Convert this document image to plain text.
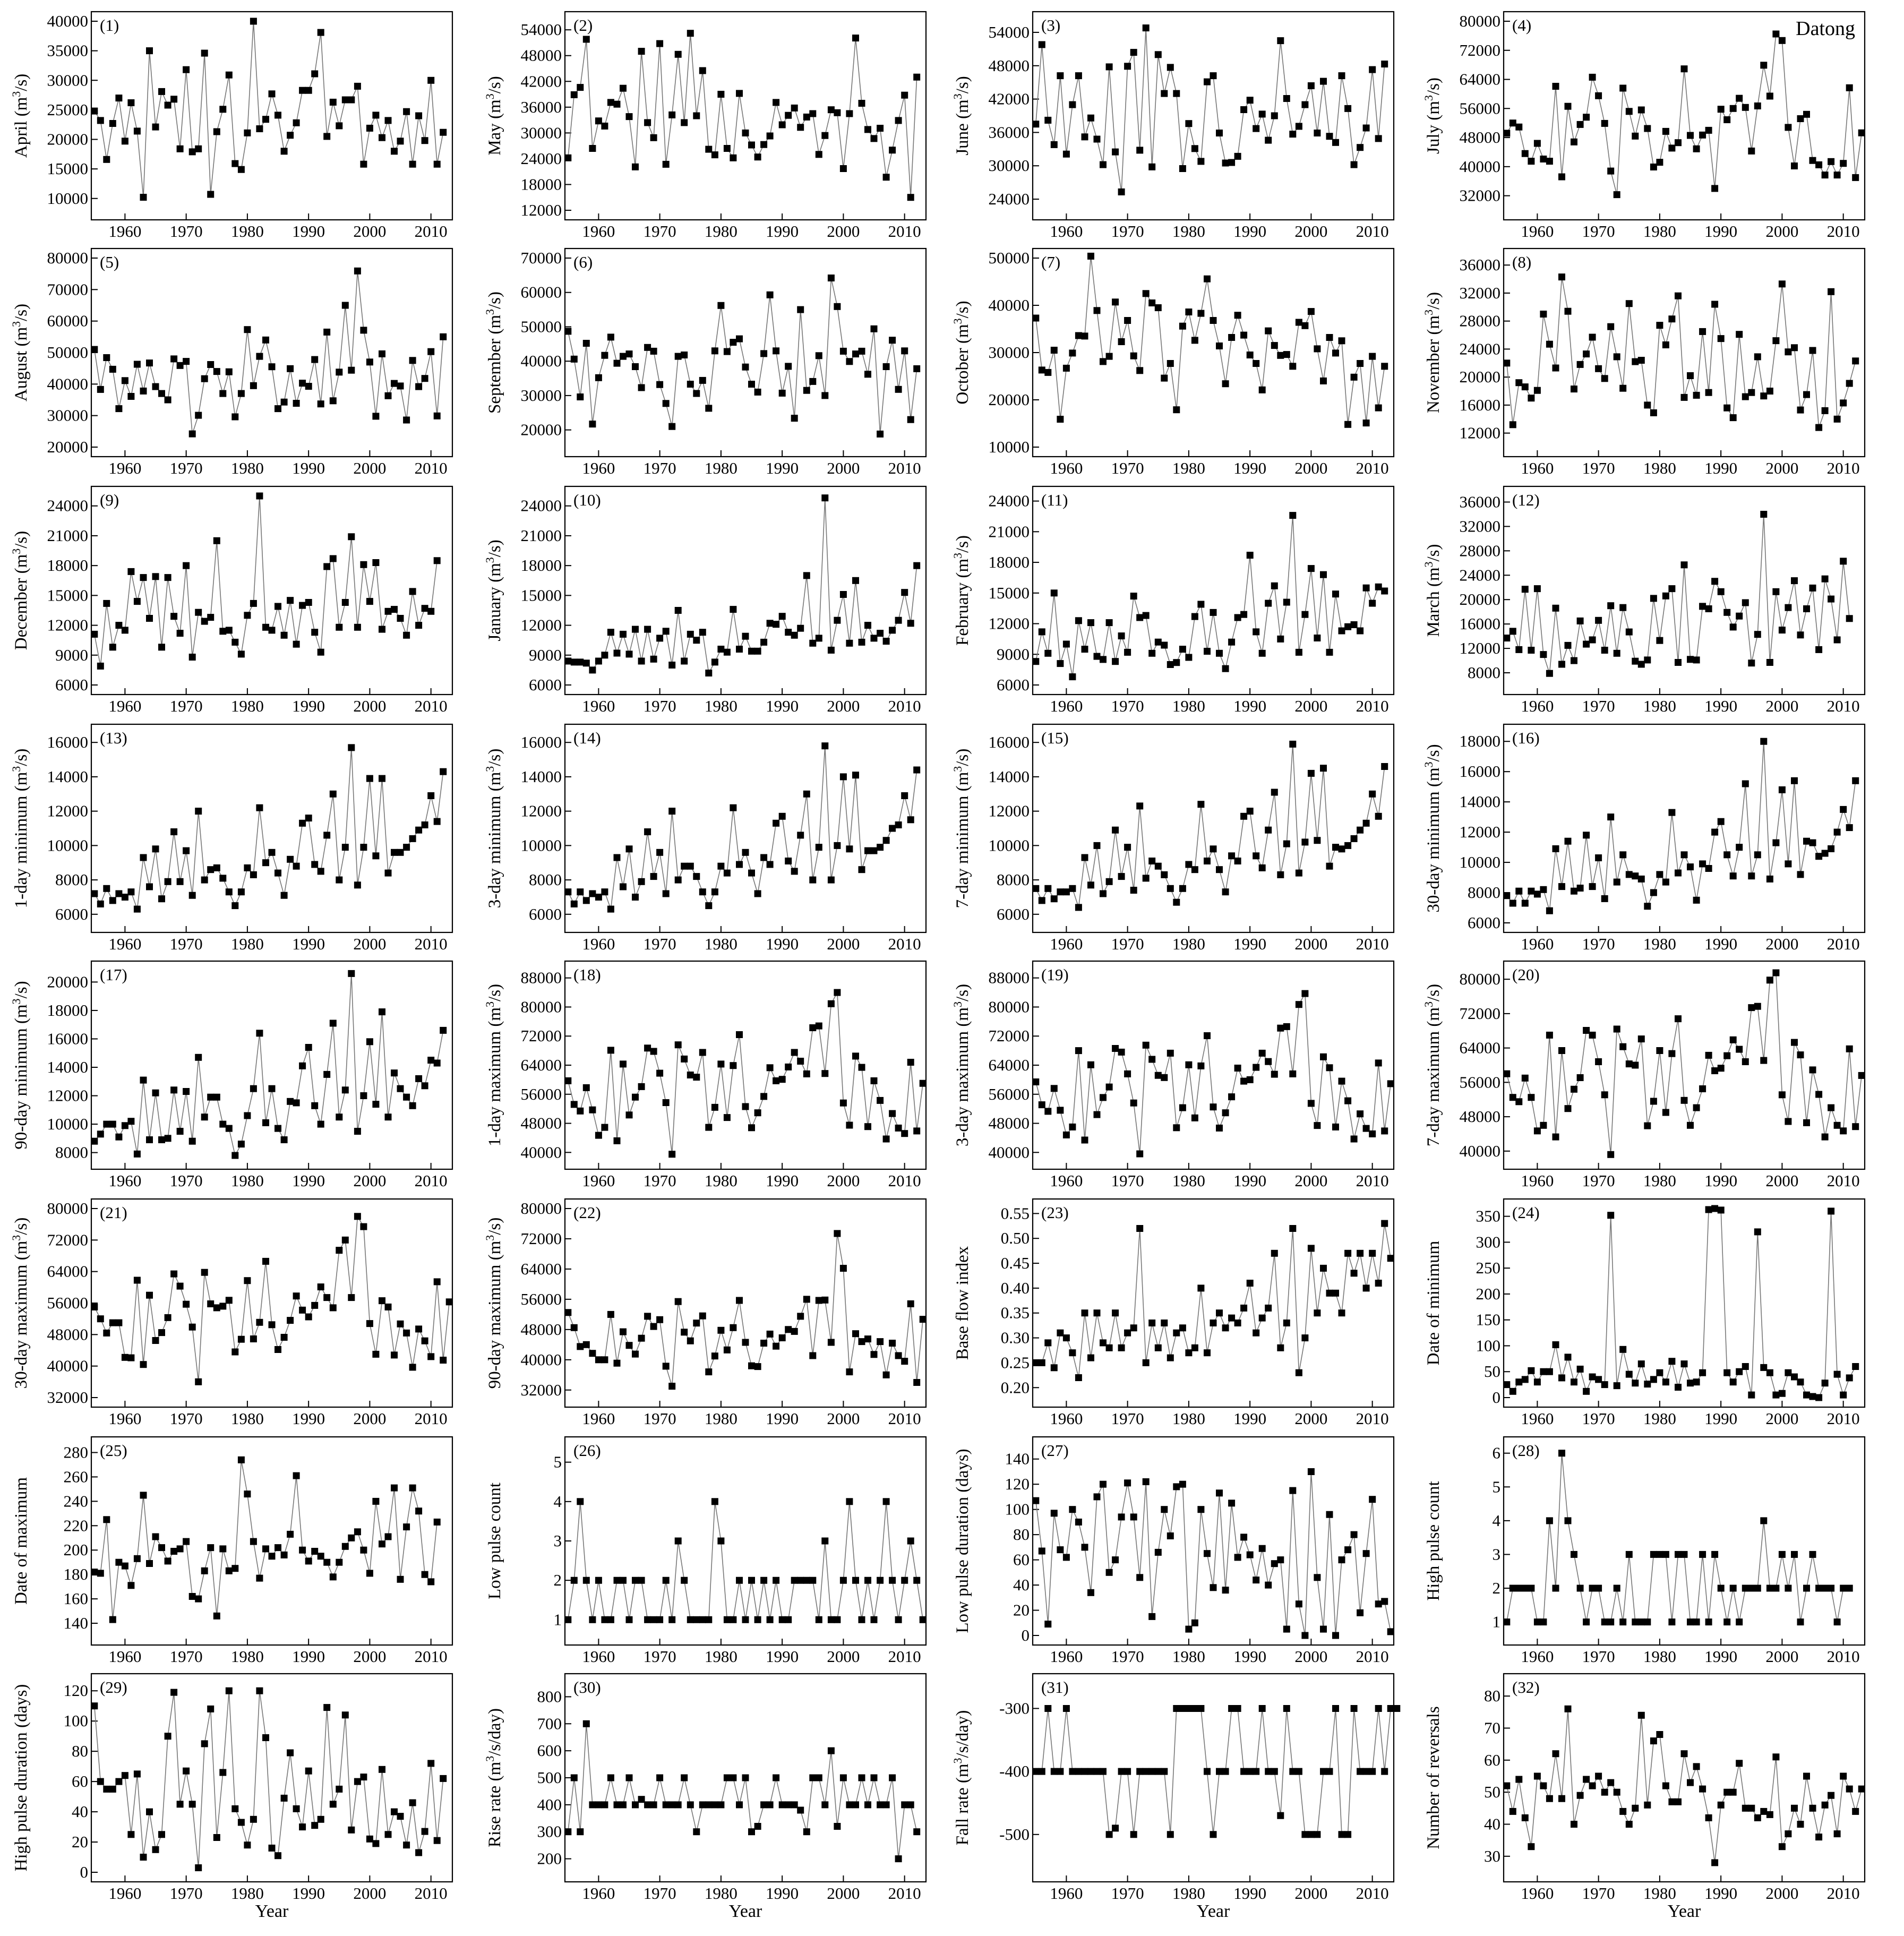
10000
15000
20000
25000
30000
35000
40000
1960 1970 1980 1990 2000 2010
(1)
April $(m^3/s)$
12000
18000
24000
30000
36000
42000
48000
54000
1960 1970 1980 1990 2000 2010
(2)
May $(m^3/s)$
24000
30000
36000
42000
48000
54000
1960 1970 1980 1990 2000 2010
(3)
June $(m^3/s)$
32000
40000
48000
56000
64000
72000
80000
1960 1970 1980 1990 2000 2010
(4)
July $(m^3/s)$
Datong
20000
30000
40000
50000
60000
70000
80000
1960 1970 1980 1990 2000 2010
(5)
August $(m^3/s)$
20000
30000
40000
50000
60000
70000
1960 1970 1980 1990 2000 2010
(6)
September $(m^3/s)$
10000
20000
30000
40000
50000
1960 1970 1980 1990 2000 2010
(7)
October $(m^3/s)$
12000
16000
20000
24000
28000
32000
36000
1960 1970 1980 1990 2000 2010
(8)
November $(m^3/s)$
6000
9000
12000
15000
18000
21000
24000
1960 1970 1980 1990 2000 2010
(9)
December $(m^3/s)$
6000
9000
12000
15000
18000
21000
24000
1960 1970 1980 1990 2000 2010
(10)
January $(m^3/s)$
6000
9000
12000
15000
18000
21000
24000
1960 1970 1980 1990 2000 2010
(11)
February $(m^3/s)$
8000
12000
16000
20000
24000
28000
32000
36000
1960 1970 1980 1990 2000 2010
(12)
March $(m^3/s)$
6000
8000
10000
12000
14000
16000
1960 1970 1980 1990 2000 2010
(13)
1-day minimum $(m^3/s)$
6000
8000
10000
12000
14000
16000
1960 1970 1980 1990 2000 2010
(14)
3-day minimum $(m^3/s)$
6000
8000
10000
12000
14000
16000
1960 1970 1980 1990 2000 2010
(15)
7-day minimum $(m^3/s)$
6000
8000
10000
12000
14000
16000
18000
1960 1970 1980 1990 2000 2010
(16)
30-day minimum $(m^3/s)$
8000
10000
12000
14000
16000
18000
20000
1960 1970 1980 1990 2000 2010
(17)
90-day minimum $(m^3/s)$
40000
48000
56000
64000
72000
80000
88000
1960 1970 1980 1990 2000 2010
(18)
1-day maximum $(m^3/s)$
40000
48000
56000
64000
72000
80000
88000
1960 1970 1980 1990 2000 2010
(19)
3-day maximum $(m^3/s)$
40000
48000
56000
64000
72000
80000
1960 1970 1980 1990 2000 2010
(20)
7-day maximum $(m^3/s)$
32000
40000
48000
56000
64000
72000
80000
1960 1970 1980 1990 2000 2010
(21)
30-day maximum $(m^3/s)$
32000
40000
48000
56000
64000
72000
80000
1960 1970 1980 1990 2000 2010
(22)
90-day maximum $(m^3/s)$
0.20
0.25
0.30
0.35
0.40
0.45
0.50
0.55
1960 1970 1980 1990 2000 2010
(23)
Base flow index
0
50
100
150
200
250
300
350
1960 1970 1980 1990 2000 2010
(24)
Date of minimum
140
160
180
200
220
240
260
280
1960 1970 1980 1990 2000 2010
(25)
Date of maximum
1
2
3
4
5
1960 1970 1980 1990 2000 2010
(26)
Low pulse count
0
20
40
60
80
100
120
140
1960 1970 1980 1990 2000 2010
(27)
Low pulse duration (days)	1
2
3
4
5
6
1960 1970 1980 1990 2000 2010
(28)
High pulse count
0
20
40
60
80
100
120
1960 1970 1980 1990 2000 2010
(29)
High pulse duration (days)
Year
200
300
400
500
600
700
800
1960 1970 1980 1990 2000 2010
(30)
Rise rate $(m^3/s/day)$
Year
-500
-400
-300
1960 1970 1980 1990 2000 2010
(31)
Fall rate $(m^3/s/day)$
Year
30
40
50
60
70
80
1960 1970 1980 1990 2000 2010
(32)
Number of reversals
Year
